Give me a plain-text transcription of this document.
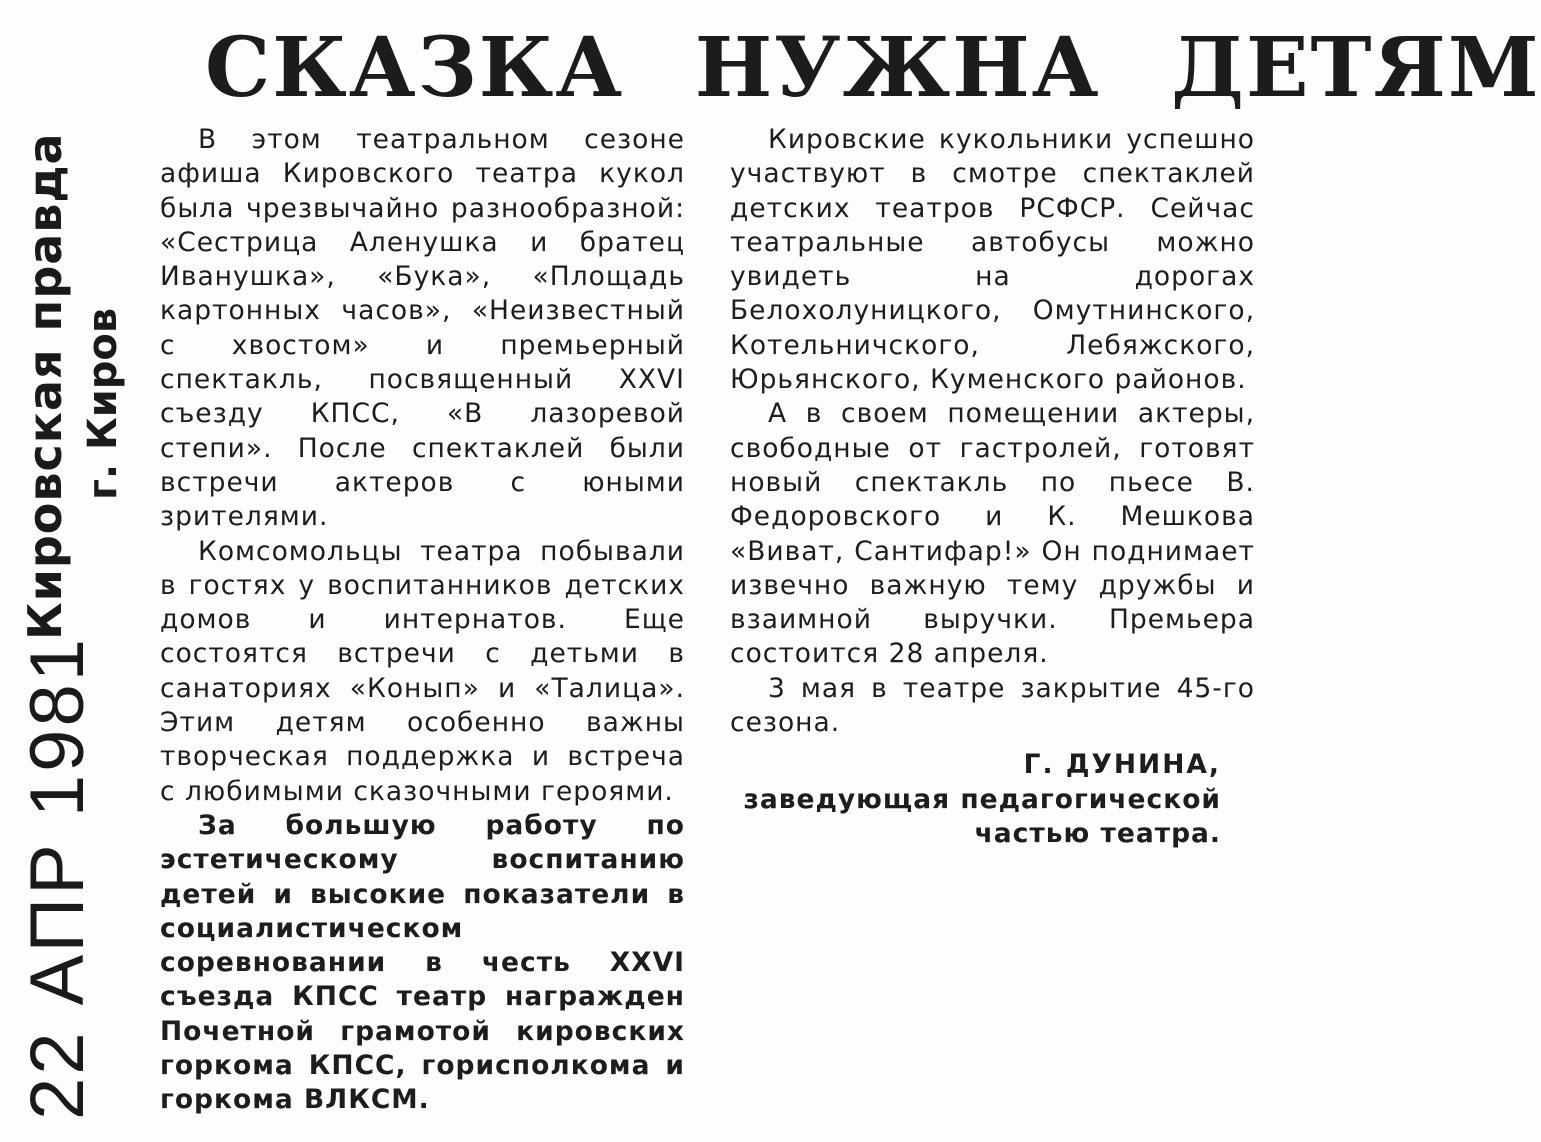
Кировская правда г. Киров
22 АПР 1981
СКАЗКА НУЖНА ДЕТЯМ

В этом театральном сезоне афиша Кировского театра кукол была чрезвычайно разнообразной: «Сестрица Аленушка и братец Иванушка», «Бука», «Площадь картонных часов», «Неизвестный с хвостом» и премьерный спектакль, посвященный XXVI съезду КПСС, «В лазоревой степи». После спектаклей были встречи актеров с юными зрителями.

Комсомольцы театра побывали в гостях у воспитанников детских домов и интернатов. Еще состоятся встречи с детьми в санаториях «Конып» и «Талица». Этим детям особенно важны творческая поддержка и встреча с любимыми сказочными героями.

За большую работу по эстетическому воспитанию детей и высокие показатели в социалистическом соревновании в честь XXVI съезда КПСС театр награжден Почетной грамотой кировских горкома КПСС, горисполкома и горкома ВЛКСМ.

Кировские кукольники успешно участвуют в смотре спектаклей детских театров РСФСР. Сейчас театральные автобусы можно увидеть на дорогах Белохолуницкого, Омутнинского, Котельничского, Лебяжского, Юрьянского, Куменского районов.

А в своем помещении актеры, свободные от гастролей, готовят новый спектакль по пьесе В. Федоровского и К. Мешкова «Виват, Сантифар!» Он поднимает извечно важную тему дружбы и взаимной выручки. Премьера состоится 28 апреля.

3 мая в театре закрытие 45-го сезона.

Г. ДУНИНА,
заведующая педагогической частью театра.
